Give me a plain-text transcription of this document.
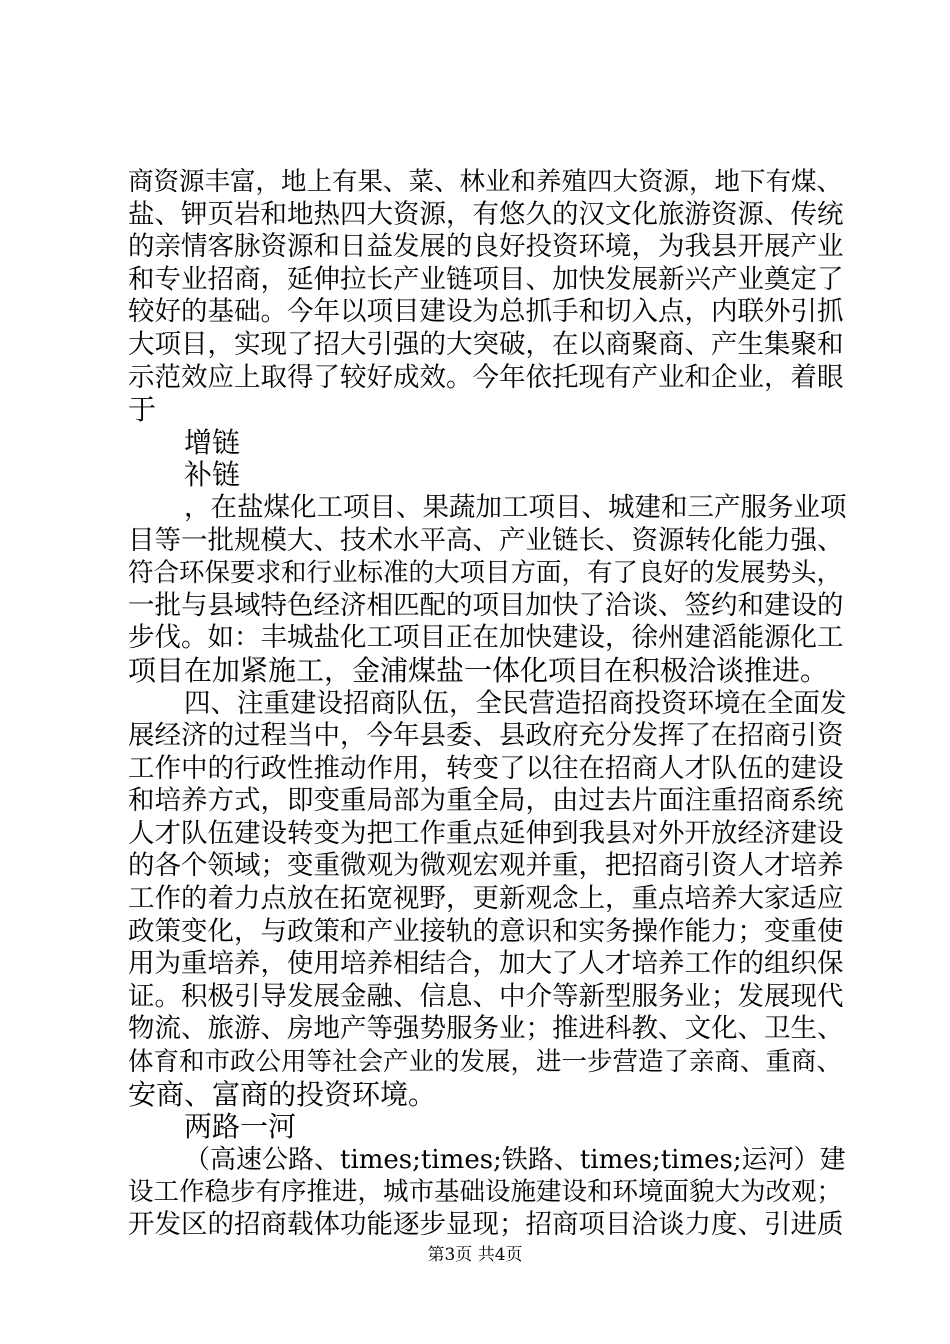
商资源丰富，地上有果、菜、林业和养殖四大资源，地下有煤、
盐、钾页岩和地热四大资源，有悠久的汉文化旅游资源、传统
的亲情客脉资源和日益发展的良好投资环境，为我县开展产业
和专业招商，延伸拉长产业链项目、加快发展新兴产业奠定了
较好的基础。今年以项目建设为总抓手和切入点，内联外引抓
大项目，实现了招大引强的大突破，在以商聚商、产生集聚和
示范效应上取得了较好成效。今年依托现有产业和企业，着眼
于
增链
补链
，在盐煤化工项目、果蔬加工项目、城建和三产服务业项
目等一批规模大、技术水平高、产业链长、资源转化能力强、
符合环保要求和行业标准的大项目方面，有了良好的发展势头，
一批与县域特色经济相匹配的项目加快了洽谈、签约和建设的
步伐。如：丰城盐化工项目正在加快建设，徐州建滔能源化工
项目在加紧施工，金浦煤盐一体化项目在积极洽谈推进。
四、注重建设招商队伍，全民营造招商投资环境在全面发
展经济的过程当中，今年县委、县政府充分发挥了在招商引资
工作中的行政性推动作用，转变了以往在招商人才队伍的建设
和培养方式，即变重局部为重全局，由过去片面注重招商系统
人才队伍建设转变为把工作重点延伸到我县对外开放经济建设
的各个领域；变重微观为微观宏观并重，把招商引资人才培养
工作的着力点放在拓宽视野，更新观念上，重点培养大家适应
政策变化，与政策和产业接轨的意识和实务操作能力；变重使
用为重培养，使用培养相结合，加大了人才培养工作的组织保
证。积极引导发展金融、信息、中介等新型服务业；发展现代
物流、旅游、房地产等强势服务业；推进科教、文化、卫生、
体育和市政公用等社会产业的发展，进一步营造了亲商、重商、
安商、富商的投资环境。
两路一河
（高速公路、times;times;铁路、times;times;运河）建
设工作稳步有序推进，城市基础设施建设和环境面貌大为改观；
开发区的招商载体功能逐步显现；招商项目洽谈力度、引进质
第3页 共4页
